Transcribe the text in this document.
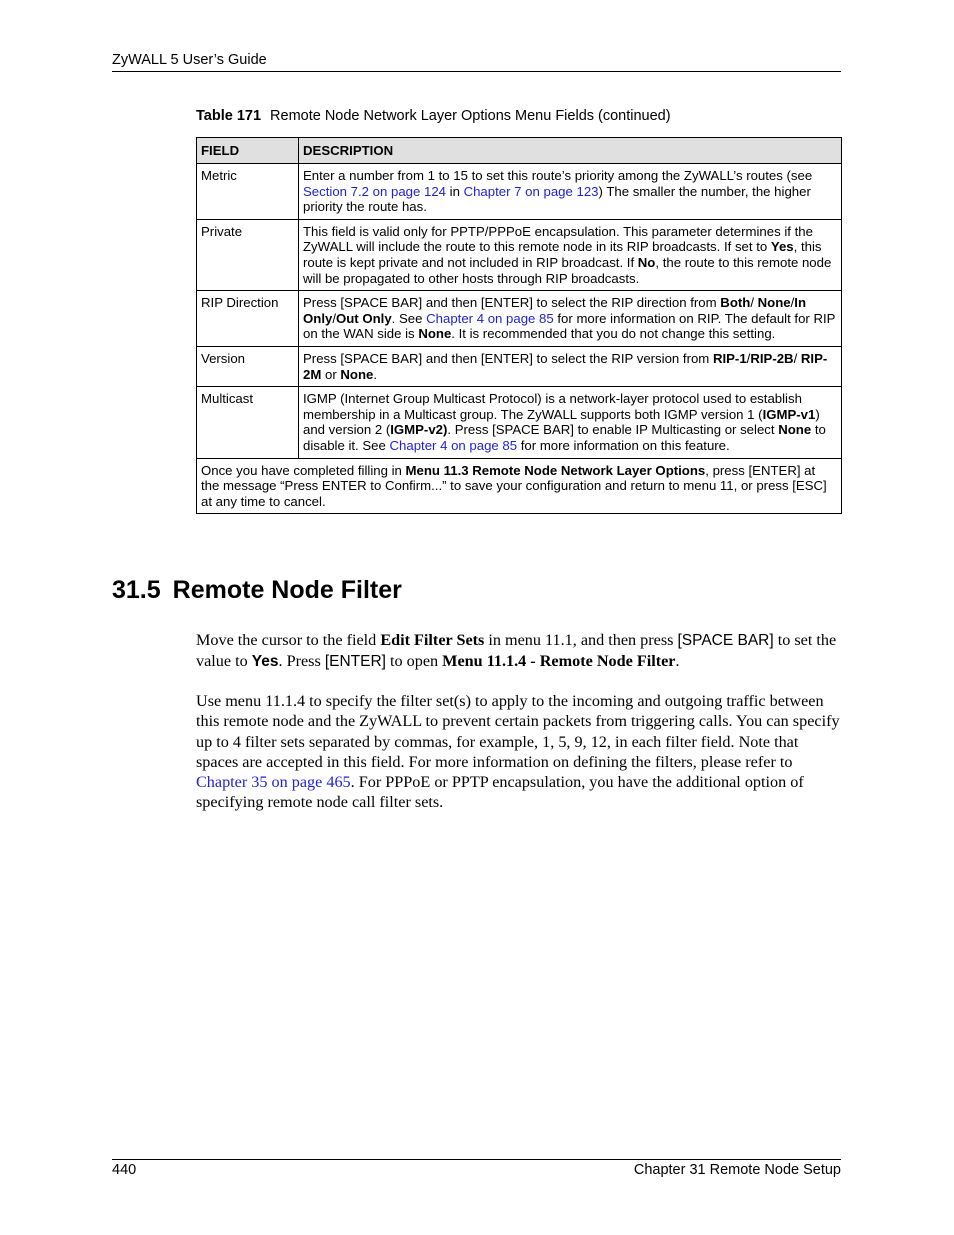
ZyWALL 5 User’s Guide
Table 171 Remote Node Network Layer Options Menu Fields (continued)
FIELD	DESCRIPTION
Metric	Enter a number from 1 to 15 to set this route’s priority among the ZyWALL’s routes (see Section 7.2 on page 124 in Chapter 7 on page 123) The smaller the number, the higher priority the route has.
Private	This field is valid only for PPTP/PPPoE encapsulation. This parameter determines if the ZyWALL will include the route to this remote node in its RIP broadcasts. If set to Yes, this route is kept private and not included in RIP broadcast. If No, the route to this remote node will be propagated to other hosts through RIP broadcasts.
RIP Direction	Press [SPACE BAR] and then [ENTER] to select the RIP direction from Both/ None/In Only/Out Only. See Chapter 4 on page 85 for more information on RIP. The default for RIP on the WAN side is None. It is recommended that you do not change this setting.
Version	Press [SPACE BAR] and then [ENTER] to select the RIP version from RIP-1/RIP-2B/ RIP-2M or None.
Multicast	IGMP (Internet Group Multicast Protocol) is a network-layer protocol used to establish membership in a Multicast group. The ZyWALL supports both IGMP version 1 (IGMP-v1) and version 2 (IGMP-v2). Press [SPACE BAR] to enable IP Multicasting or select None to disable it. See Chapter 4 on page 85 for more information on this feature.
Once you have completed filling in Menu 11.3 Remote Node Network Layer Options, press [ENTER] at the message “Press ENTER to Confirm...” to save your configuration and return to menu 11, or press [ESC] at any time to cancel.	
31.5 Remote Node Filter
Move the cursor to the field Edit Filter Sets in menu 11.1, and then press [SPACE BAR] to set the value to Yes. Press [ENTER] to open Menu 11.1.4 - Remote Node Filter.
Use menu 11.1.4 to specify the filter set(s) to apply to the incoming and outgoing traffic between this remote node and the ZyWALL to prevent certain packets from triggering calls. You can specify up to 4 filter sets separated by commas, for example, 1, 5, 9, 12, in each filter field. Note that spaces are accepted in this field. For more information on defining the filters, please refer to Chapter 35 on page 465. For PPPoE or PPTP encapsulation, you have the additional option of specifying remote node call filter sets.
440	Chapter 31 Remote Node Setup
